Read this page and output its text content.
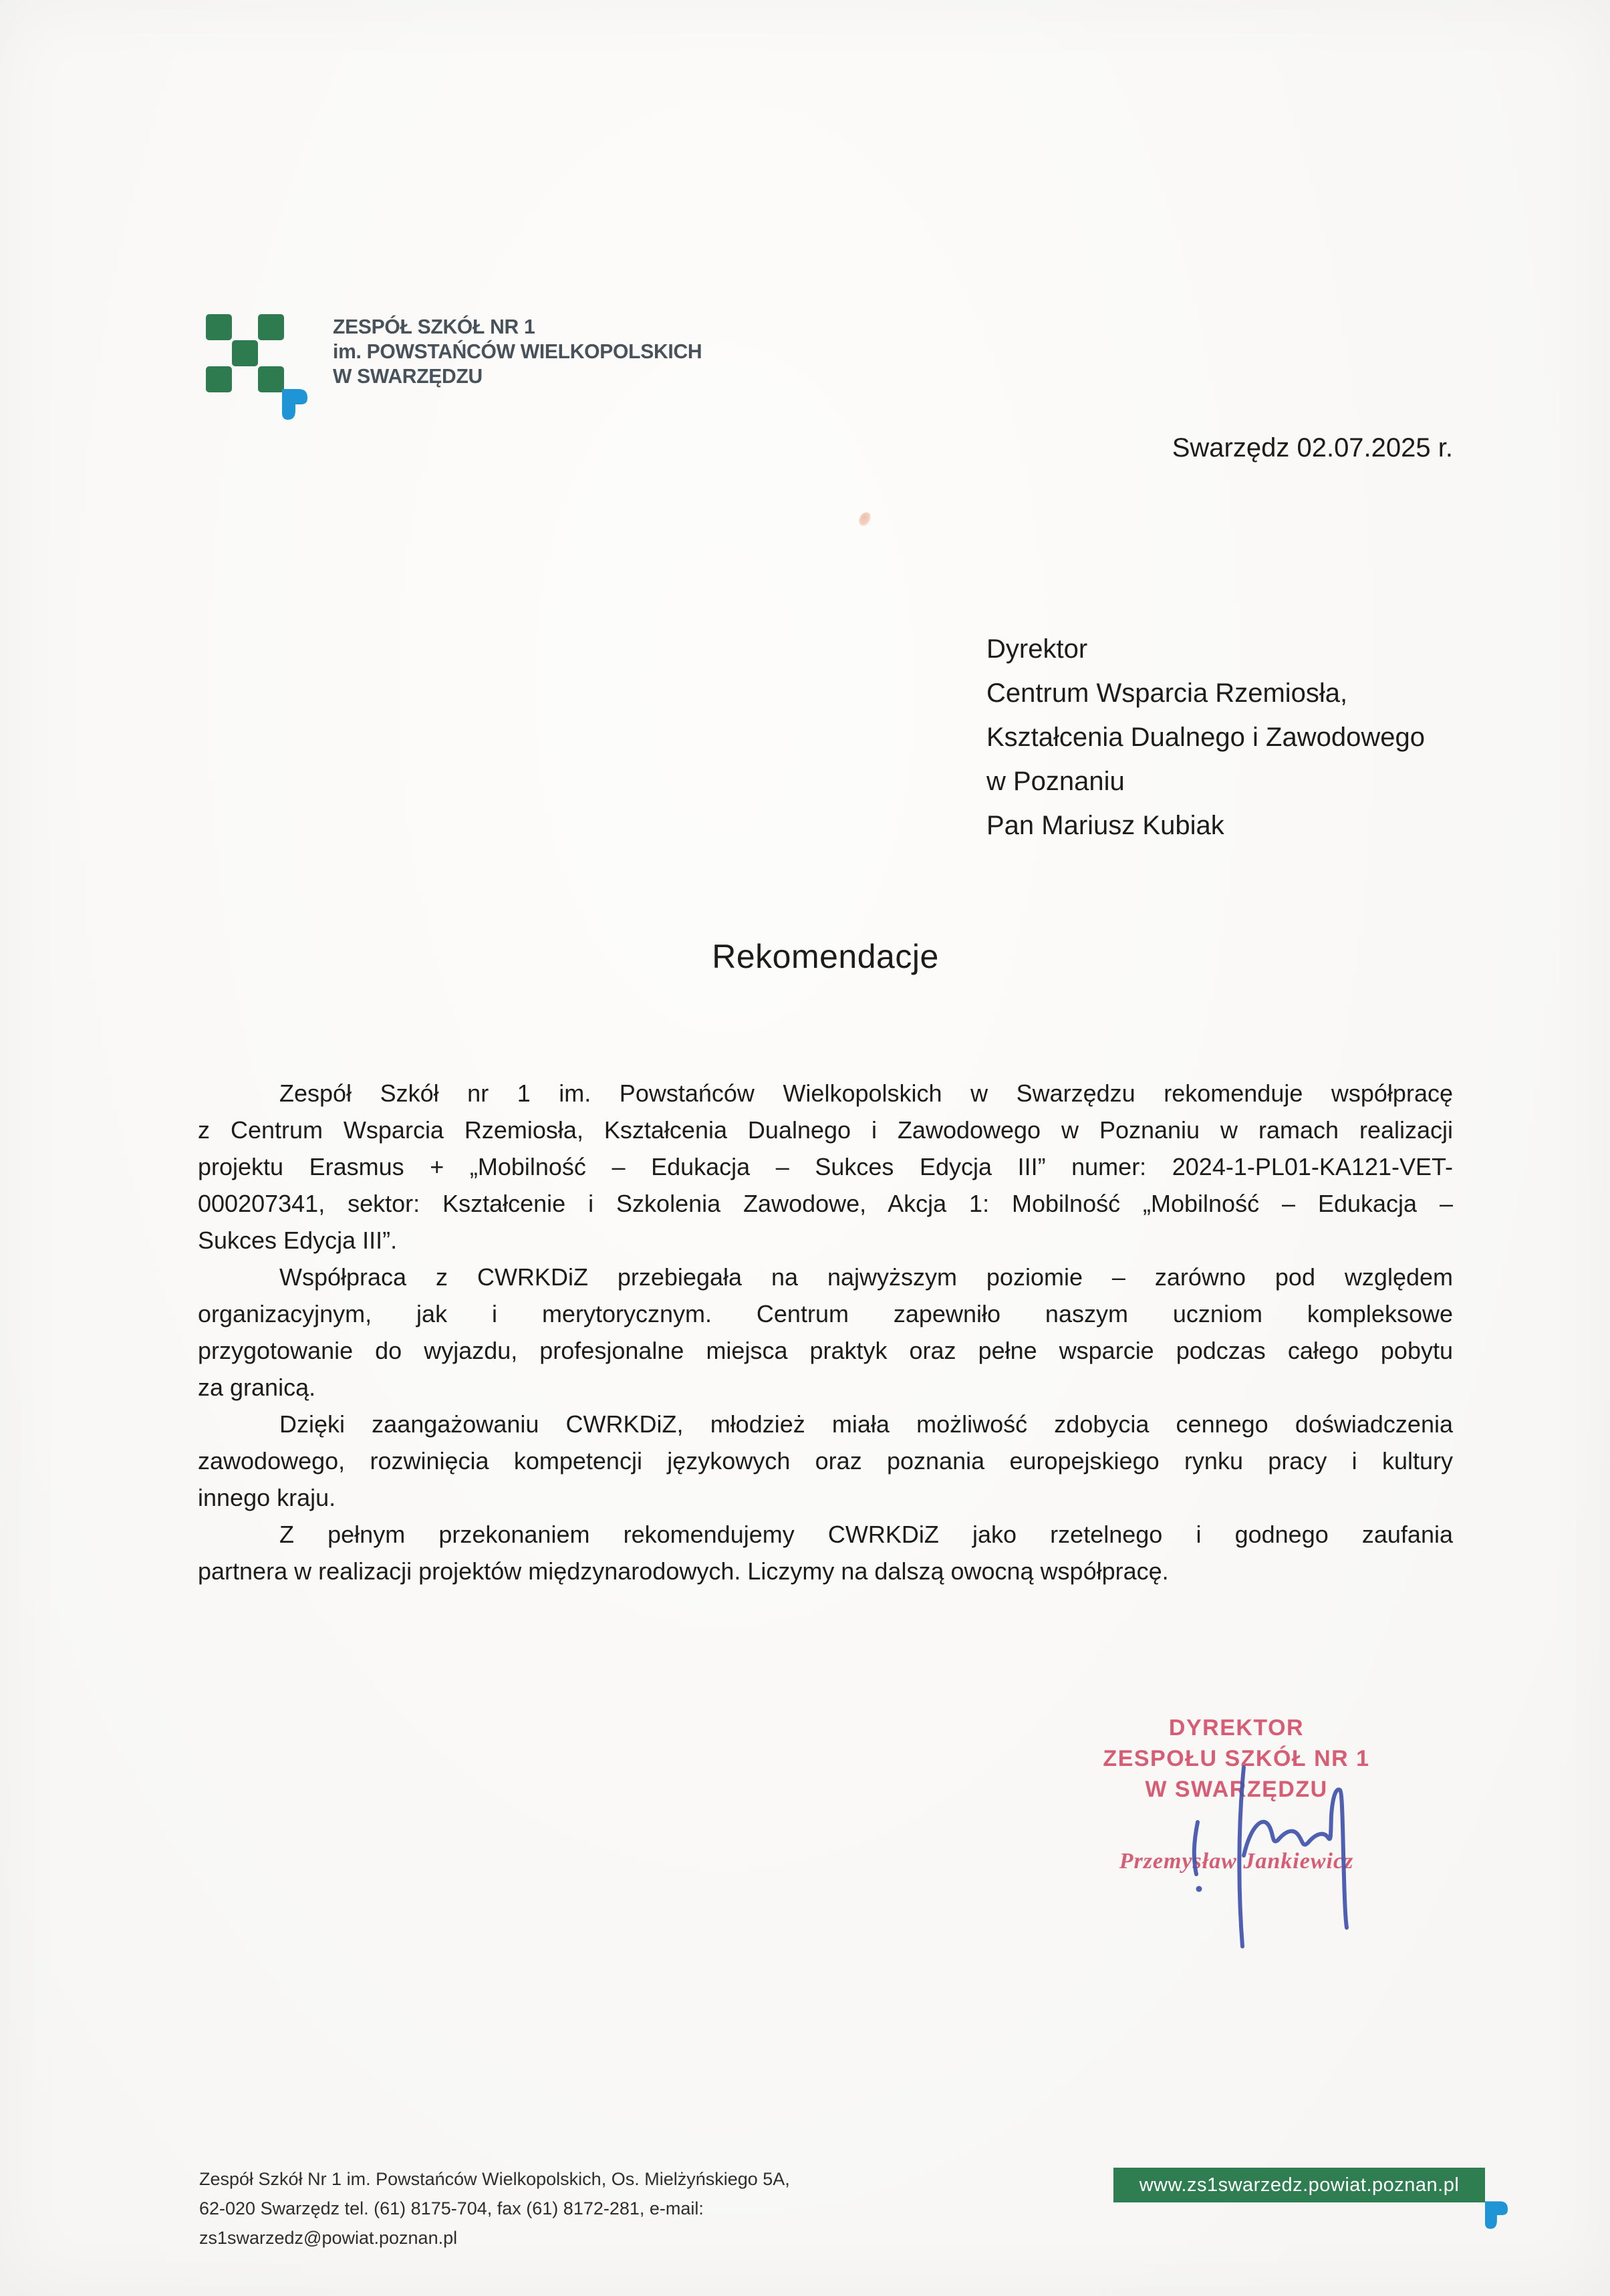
ZESPÓŁ SZKÓŁ NR 1
im. POWSTAŃCÓW WIELKOPOLSKICH
W SWARZĘDZU
Swarzędz 02.07.2025 r.
Dyrektor
Centrum Wsparcia Rzemiosła,
Kształcenia Dualnego i Zawodowego
w Poznaniu
Pan Mariusz Kubiak
Rekomendacje
Zespół Szkół nr 1 im. Powstańców Wielkopolskich w Swarzędzu rekomenduje współpracę
z Centrum Wsparcia Rzemiosła, Kształcenia Dualnego i Zawodowego w Poznaniu w ramach realizacji
projektu Erasmus + „Mobilność – Edukacja – Sukces Edycja III” numer: 2024-1-PL01-KA121-VET-
000207341, sektor: Kształcenie i Szkolenia Zawodowe, Akcja 1: Mobilność „Mobilność – Edukacja –
Sukces Edycja III”.
Współpraca z CWRKDiZ przebiegała na najwyższym poziomie – zarówno pod względem
organizacyjnym, jak i merytorycznym. Centrum zapewniło naszym uczniom kompleksowe
przygotowanie do wyjazdu, profesjonalne miejsca praktyk oraz pełne wsparcie podczas całego pobytu
za granicą.
Dzięki zaangażowaniu CWRKDiZ, młodzież miała możliwość zdobycia cennego doświadczenia
zawodowego, rozwinięcia kompetencji językowych oraz poznania europejskiego rynku pracy i kultury
innego kraju.
Z pełnym przekonaniem rekomendujemy CWRKDiZ jako rzetelnego i godnego zaufania
partnera w realizacji projektów międzynarodowych. Liczymy na dalszą owocną współpracę.
DYREKTOR
ZESPOŁU SZKÓŁ NR 1
W SWARZĘDZU
Przemysław Jankiewicz
Zespół Szkół Nr 1 im. Powstańców Wielkopolskich, Os. Mielżyńskiego 5A,
62-020 Swarzędz tel. (61) 8175-704, fax (61) 8172-281, e-mail:
zs1swarzedz@powiat.poznan.pl
www.zs1swarzedz.powiat.poznan.pl
